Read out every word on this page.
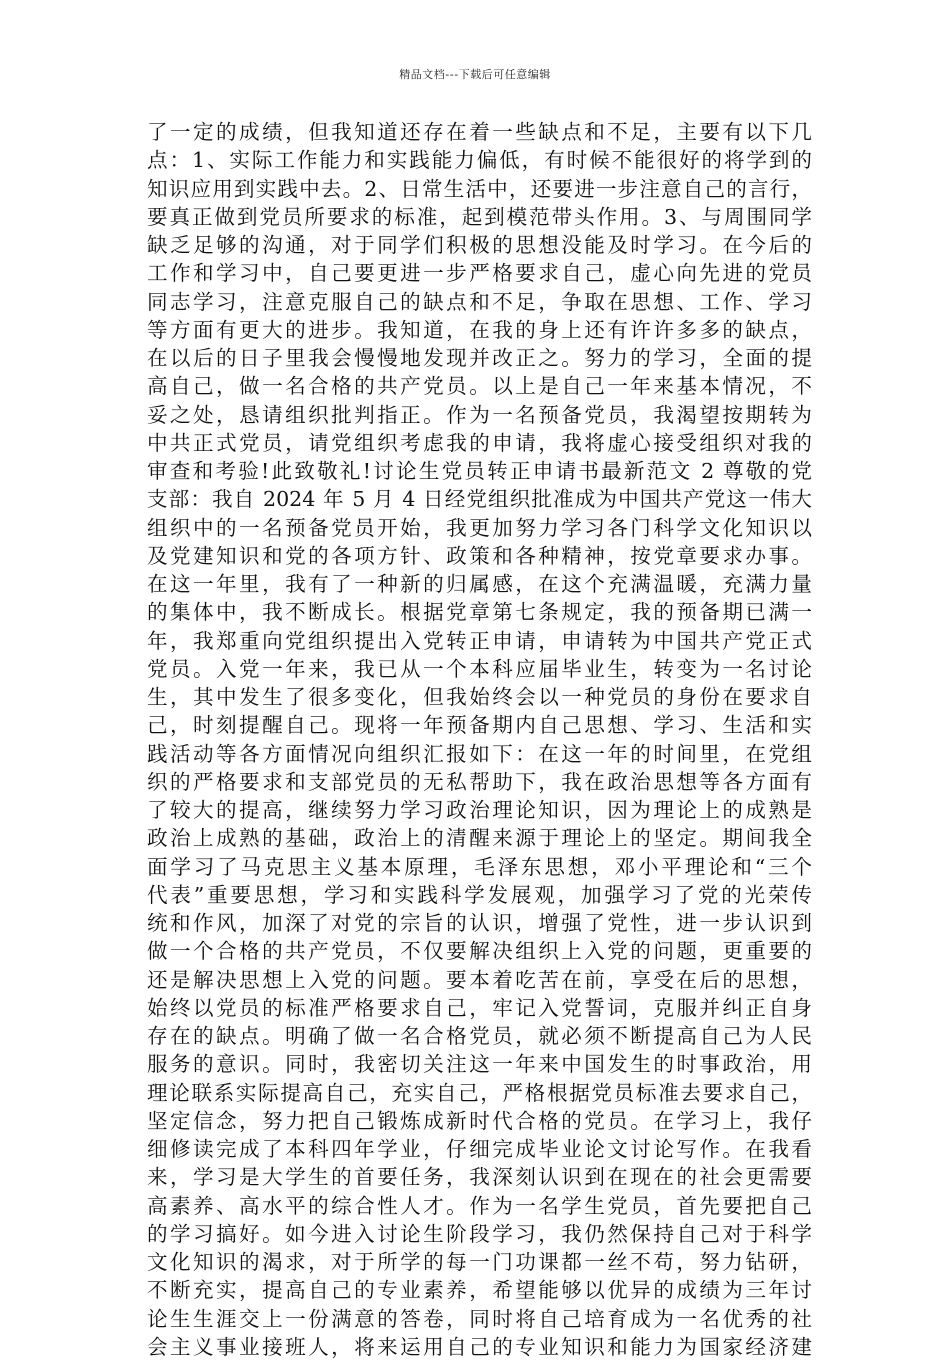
精品文档---下载后可任意编辑
了一定的成绩，但我知道还存在着一些缺点和不足，主要有以下几
点：1、实际工作能力和实践能力偏低，有时候不能很好的将学到的
知识应用到实践中去。2、日常生活中，还要进一步注意自己的言行，
要真正做到党员所要求的标准，起到模范带头作用。3、与周围同学
缺乏足够的沟通，对于同学们积极的思想没能及时学习。在今后的
工作和学习中，自己要更进一步严格要求自己，虚心向先进的党员
同志学习，注意克服自己的缺点和不足，争取在思想、工作、学习
等方面有更大的进步。我知道，在我的身上还有许许多多的缺点，
在以后的日子里我会慢慢地发现并改正之。努力的学习，全面的提
高自己，做一名合格的共产党员。以上是自己一年来基本情况，不
妥之处，恳请组织批判指正。作为一名预备党员，我渴望按期转为
中共正式党员，请党组织考虑我的申请，我将虚心接受组织对我的
审查和考验!此致敬礼!讨论生党员转正申请书最新范文 2 尊敬的党
支部：我自 2024 年 5 月 4 日经党组织批准成为中国共产党这一伟大
组织中的一名预备党员开始，我更加努力学习各门科学文化知识以
及党建知识和党的各项方针、政策和各种精神，按党章要求办事。
在这一年里，我有了一种新的归属感，在这个充满温暖，充满力量
的集体中，我不断成长。根据党章第七条规定，我的预备期已满一
年，我郑重向党组织提出入党转正申请，申请转为中国共产党正式
党员。入党一年来，我已从一个本科应届毕业生，转变为一名讨论
生，其中发生了很多变化，但我始终会以一种党员的身份在要求自
己，时刻提醒自己。现将一年预备期内自己思想、学习、生活和实
践活动等各方面情况向组织汇报如下：在这一年的时间里，在党组
织的严格要求和支部党员的无私帮助下，我在政治思想等各方面有
了较大的提高，继续努力学习政治理论知识，因为理论上的成熟是
政治上成熟的基础，政治上的清醒来源于理论上的坚定。期间我全
面学习了马克思主义基本原理，毛泽东思想，邓小平理论和“三个
代表”重要思想，学习和实践科学发展观，加强学习了党的光荣传
统和作风，加深了对党的宗旨的认识，增强了党性，进一步认识到
做一个合格的共产党员，不仅要解决组织上入党的问题，更重要的
还是解决思想上入党的问题。要本着吃苦在前，享受在后的思想，
始终以党员的标准严格要求自己，牢记入党誓词，克服并纠正自身
存在的缺点。明确了做一名合格党员，就必须不断提高自己为人民
服务的意识。同时，我密切关注这一年来中国发生的时事政治，用
理论联系实际提高自己，充实自己，严格根据党员标准去要求自己，
坚定信念，努力把自己锻炼成新时代合格的党员。在学习上，我仔
细修读完成了本科四年学业，仔细完成毕业论文讨论写作。在我看
来，学习是大学生的首要任务，我深刻认识到在现在的社会更需要
高素养、高水平的综合性人才。作为一名学生党员，首先要把自己
的学习搞好。如今进入讨论生阶段学习，我仍然保持自己对于科学
文化知识的渴求，对于所学的每一门功课都一丝不苟，努力钻研，
不断充实，提高自己的专业素养，希望能够以优异的成绩为三年讨
论生生涯交上一份满意的答卷，同时将自己培育成为一名优秀的社
会主义事业接班人，将来运用自己的专业知识和能力为国家经济建
